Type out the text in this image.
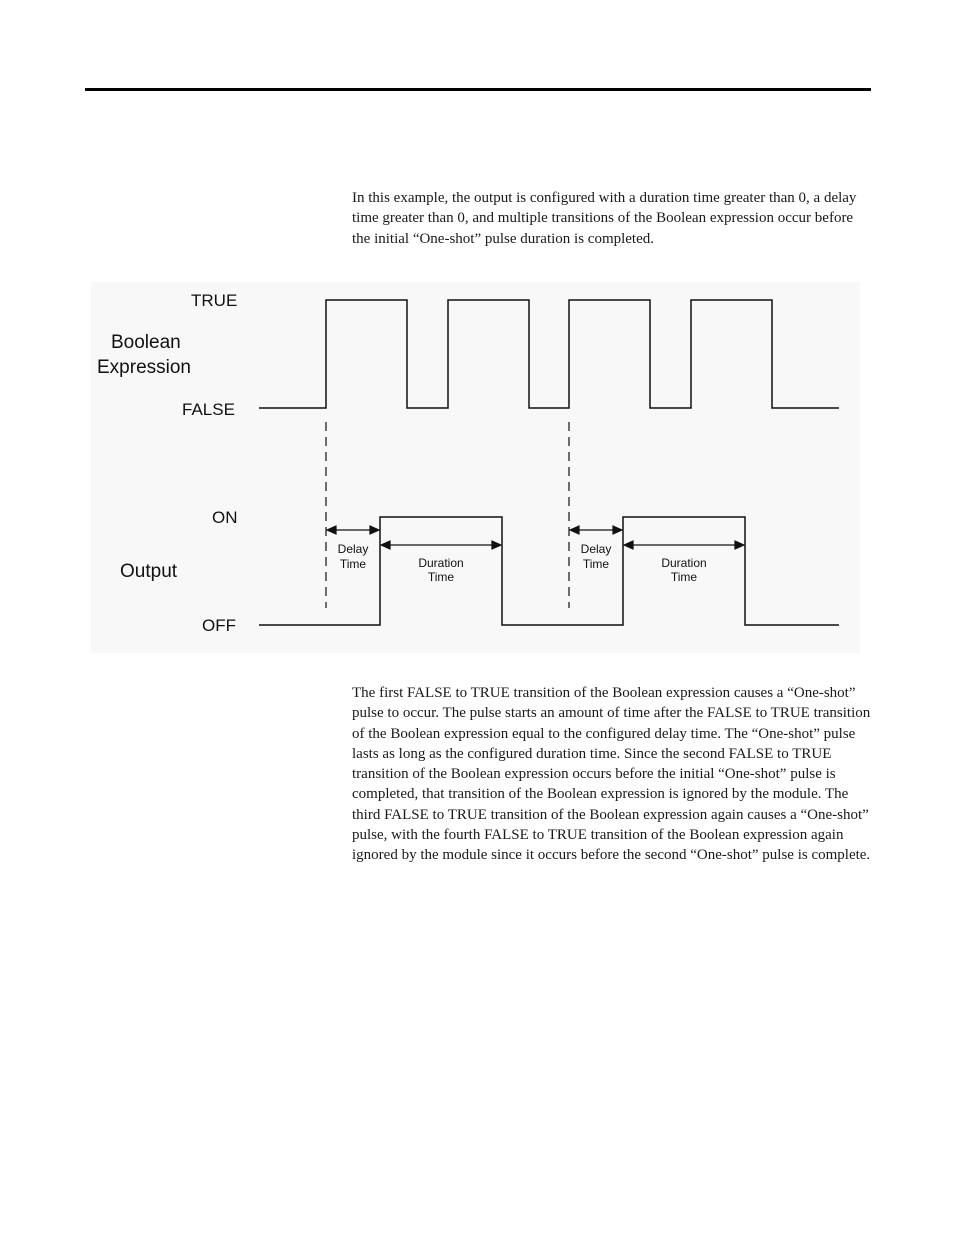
In this example, the output is configured with a duration time greater than 0, a delay time greater than 0, and multiple transitions of the Boolean expression occur before the initial “One-shot” pulse duration is completed.

TRUE
Boolean
Expression
FALSE
ON
Output
OFF
Delay
Time	Duration
Time
Delay
Time	Duration
Time

The first FALSE to TRUE transition of the Boolean expression causes a “One-shot” pulse to occur. The pulse starts an amount of time after the FALSE to TRUE transition of the Boolean expression equal to the configured delay time. The “One-shot” pulse lasts as long as the configured duration time. Since the second FALSE to TRUE transition of the Boolean expression occurs before the initial “One-shot” pulse is completed, that transition of the Boolean expression is ignored by the module. The third FALSE to TRUE transition of the Boolean expression again causes a “One-shot” pulse, with the fourth FALSE to TRUE transition of the Boolean expression again ignored by the module since it occurs before the second “One-shot” pulse is complete.
